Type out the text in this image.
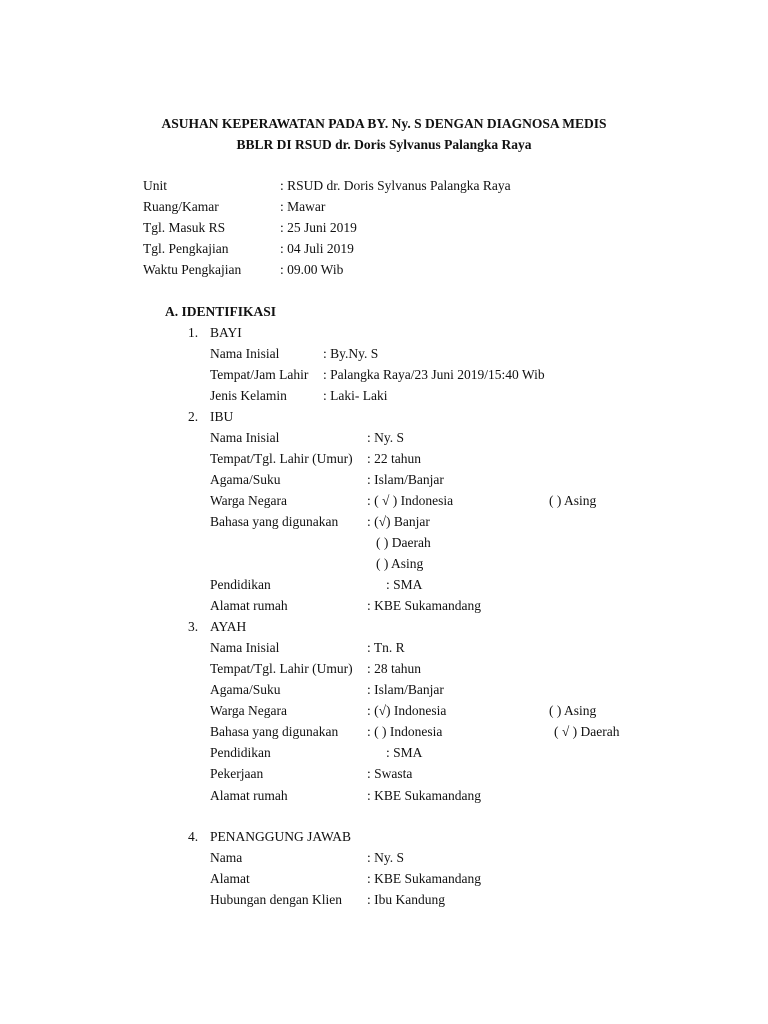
ASUHAN KEPERAWATAN PADA BY. Ny. S DENGAN DIAGNOSA MEDIS
BBLR DI RSUD dr. Doris Sylvanus Palangka Raya
Unit	: RSUD dr. Doris Sylvanus Palangka Raya
Ruang/Kamar	: Mawar
Tgl. Masuk RS	: 25 Juni 2019
Tgl. Pengkajian	: 04 Juli 2019
Waktu Pengkajian	: 09.00 Wib
A. IDENTIFIKASI
1. BAYI
Nama Inisial	: By.Ny. S
Tempat/Jam Lahir : Palangka Raya/23 Juni 2019/15:40 Wib
Jenis Kelamin	: Laki- Laki
2. IBU
Nama Inisial	: Ny. S
Tempat/Tgl. Lahir (Umur) : 22 tahun
Agama/Suku	: Islam/Banjar
Warga Negara	: ( √ ) Indonesia	( ) Asing
Bahasa yang digunakan : (√) Banjar
( ) Daerah
( ) Asing
Pendidikan	: SMA
Alamat rumah	: KBE Sukamandang
3. AYAH
Nama Inisial	: Tn. R
Tempat/Tgl. Lahir (Umur) : 28 tahun
Agama/Suku	: Islam/Banjar
Warga Negara	: (√) Indonesia	( ) Asing
Bahasa yang digunakan : ( ) Indonesia	( √ ) Daerah
Pendidikan	: SMA
Pekerjaan	: Swasta
Alamat rumah	: KBE Sukamandang
4. PENANGGUNG JAWAB
Nama	: Ny. S
Alamat	: KBE Sukamandang
Hubungan dengan Klien : Ibu Kandung
